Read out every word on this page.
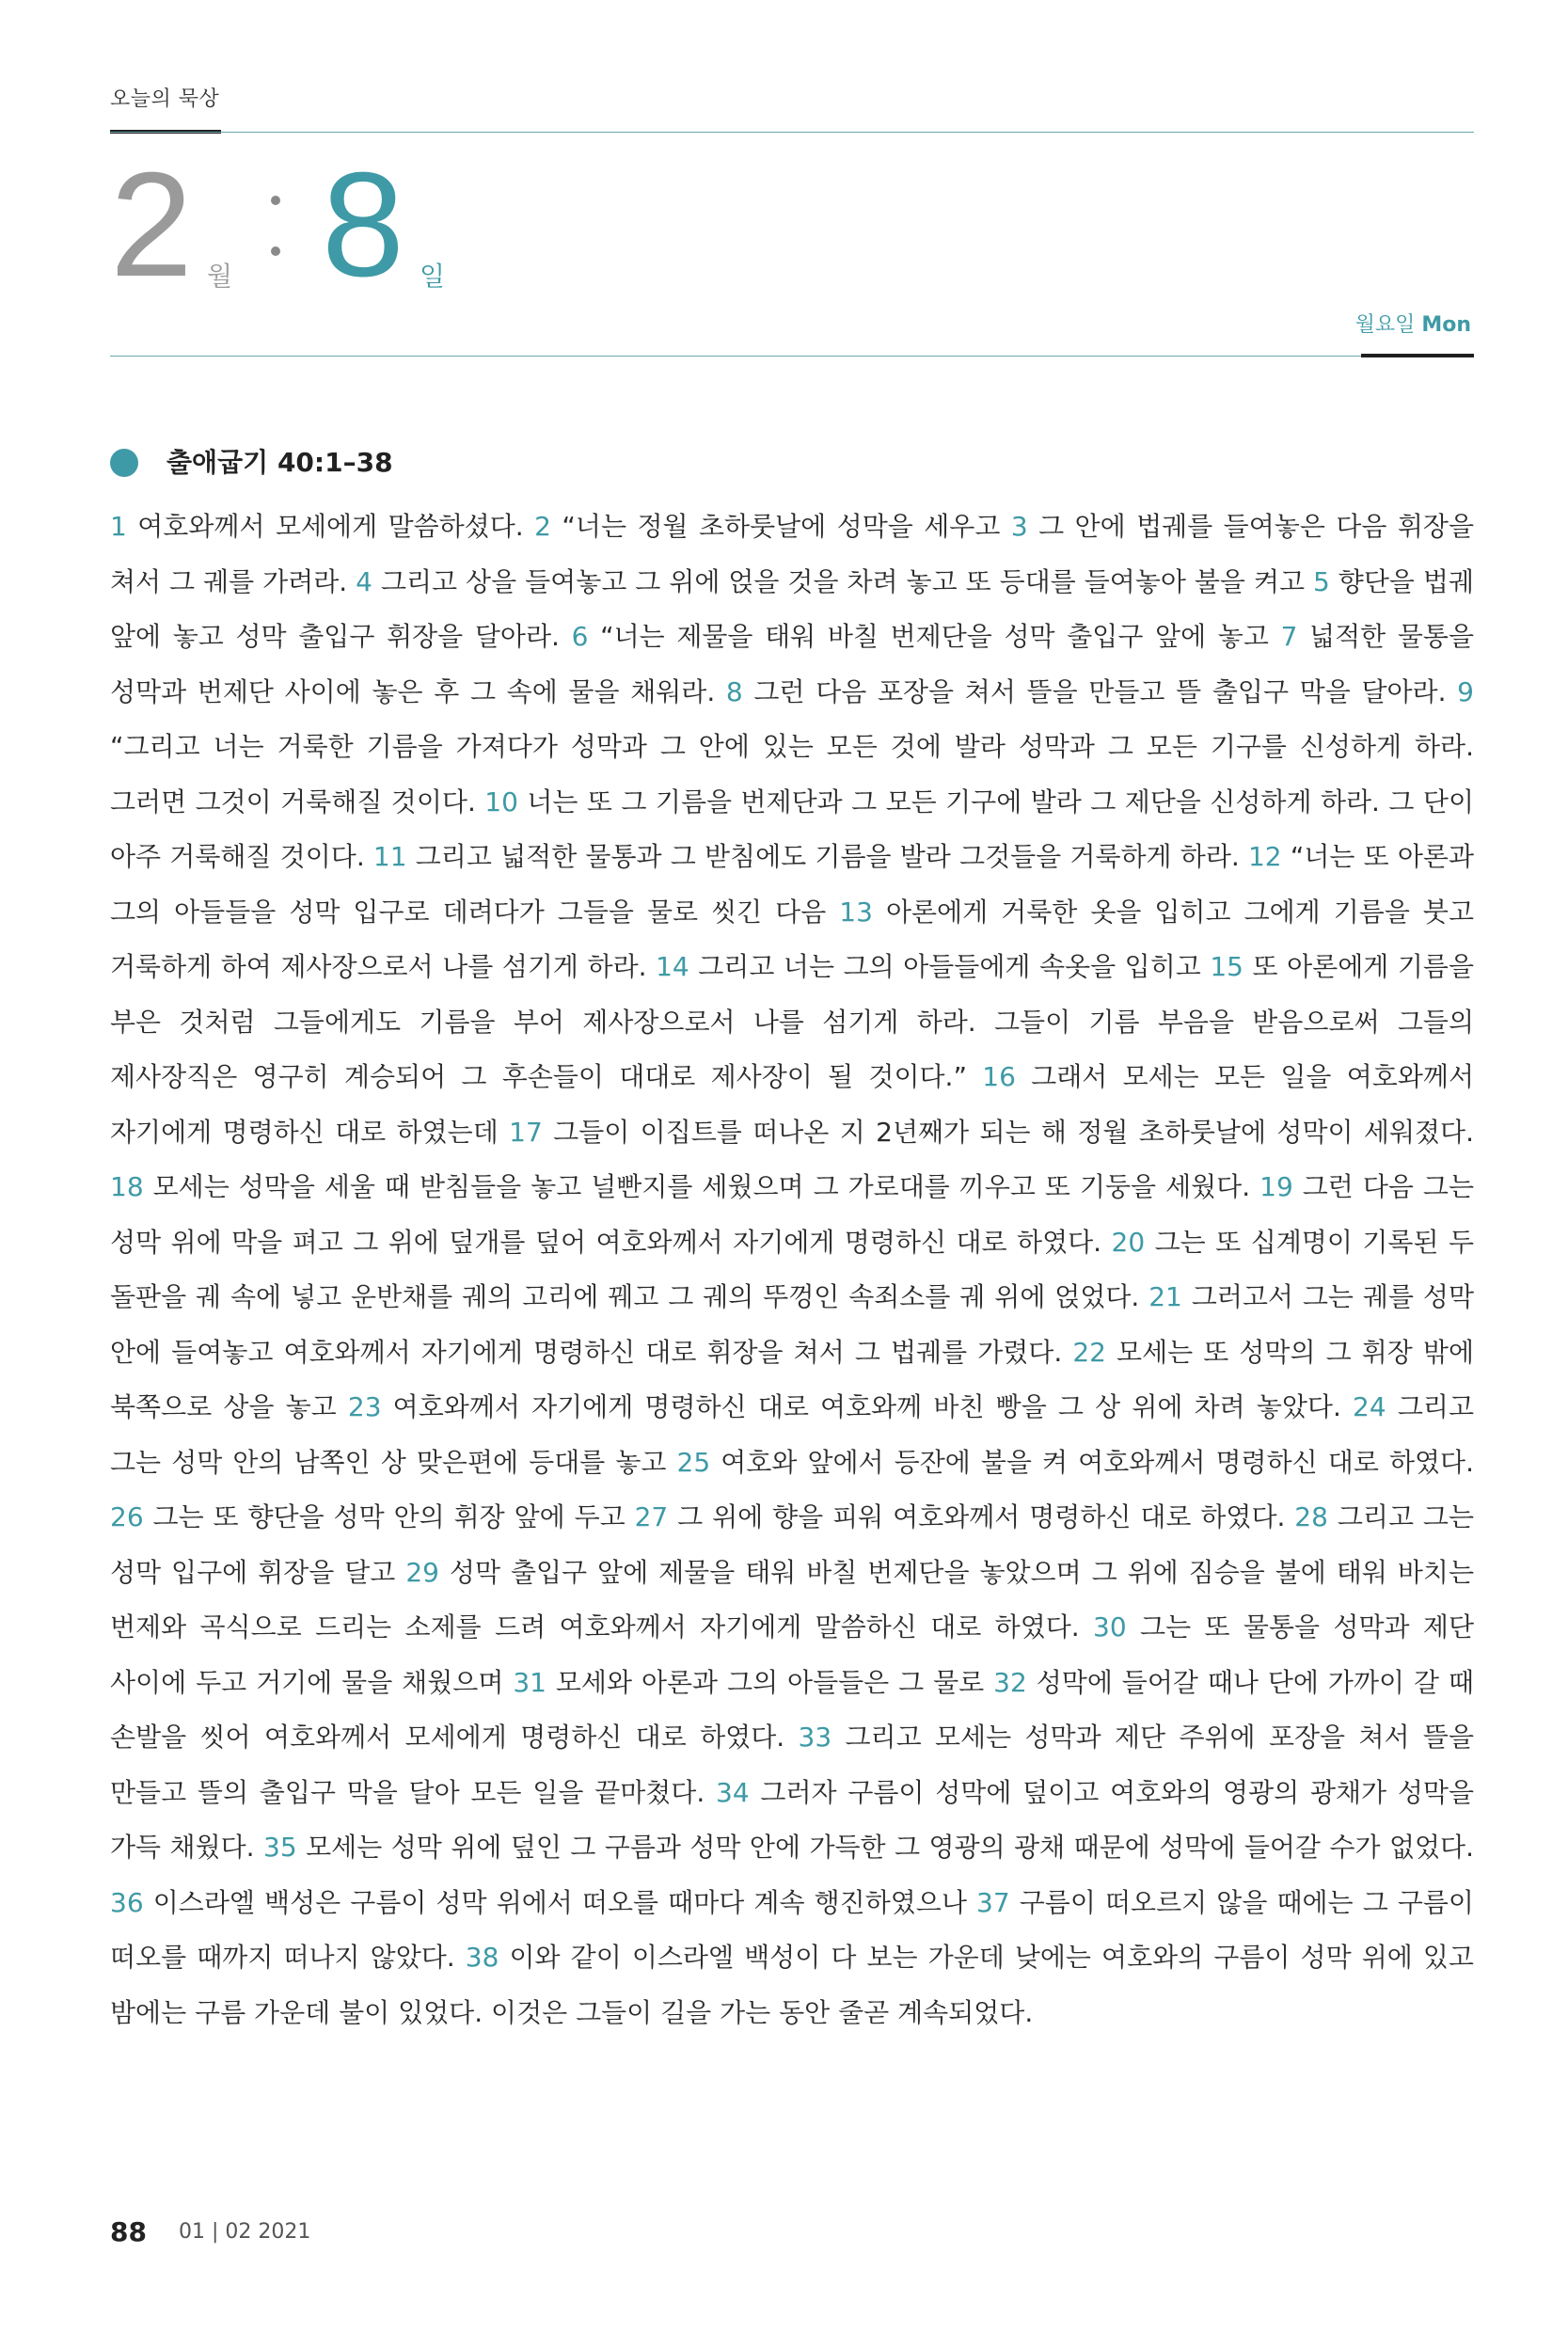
오늘의 묵상
2 월 8 일
월요일 Mon
출애굽기 40:1–38
1 여호와께서 모세에게 말씀하셨다. 2 “너는 정월 초하룻날에 성막을 세우고 3 그 안에 법궤를 들여놓은 다음 휘장을 쳐서 그 궤를 가려라. 4 그리고 상을 들여놓고 그 위에 얹을 것을 차려 놓고 또 등대를 들여놓아 불을 켜고 5 향단을 법궤 앞에 놓고 성막 출입구 휘장을 달아라. 6 “너는 제물을 태워 바칠 번제단을 성막 출입구 앞에 놓고 7 넓적한 물통을 성막과 번제단 사이에 놓은 후 그 속에 물을 채워라. 8 그런 다음 포장을 쳐서 뜰을 만들고 뜰 출입구 막을 달아라. 9 “그리고 너는 거룩한 기름을 가져다가 성막과 그 안에 있는 모든 것에 발라 성막과 그 모든 기구를 신성하게 하라. 그러면 그것이 거룩해질 것이다. 10 너는 또 그 기름을 번제단과 그 모든 기구에 발라 그 제단을 신성하게 하라. 그 단이 아주 거룩해질 것이다. 11 그리고 넓적한 물통과 그 받침에도 기름을 발라 그것들을 거룩하게 하라. 12 “너는 또 아론과 그의 아들들을 성막 입구로 데려다가 그들을 물로 씻긴 다음 13 아론에게 거룩한 옷을 입히고 그에게 기름을 붓고 거룩하게 하여 제사장으로서 나를 섬기게 하라. 14 그리고 너는 그의 아들들에게 속옷을 입히고 15 또 아론에게 기름을 부은 것처럼 그들에게도 기름을 부어 제사장으로서 나를 섬기게 하라. 그들이 기름 부음을 받음으로써 그들의 제사장직은 영구히 계승되어 그 후손들이 대대로 제사장이 될 것이다.” 16 그래서 모세는 모든 일을 여호와께서 자기에게 명령하신 대로 하였는데 17 그들이 이집트를 떠나온 지 2년째가 되는 해 정월 초하룻날에 성막이 세워졌다. 18 모세는 성막을 세울 때 받침들을 놓고 널빤지를 세웠으며 그 가로대를 끼우고 또 기둥을 세웠다. 19 그런 다음 그는 성막 위에 막을 펴고 그 위에 덮개를 덮어 여호와께서 자기에게 명령하신 대로 하였다. 20 그는 또 십계명이 기록된 두 돌판을 궤 속에 넣고 운반채를 궤의 고리에 꿰고 그 궤의 뚜껑인 속죄소를 궤 위에 얹었다. 21 그러고서 그는 궤를 성막 안에 들여놓고 여호와께서 자기에게 명령하신 대로 휘장을 쳐서 그 법궤를 가렸다. 22 모세는 또 성막의 그 휘장 밖에 북쪽으로 상을 놓고 23 여호와께서 자기에게 명령하신 대로 여호와께 바친 빵을 그 상 위에 차려 놓았다. 24 그리고 그는 성막 안의 남쪽인 상 맞은편에 등대를 놓고 25 여호와 앞에서 등잔에 불을 켜 여호와께서 명령하신 대로 하였다. 26 그는 또 향단을 성막 안의 휘장 앞에 두고 27 그 위에 향을 피워 여호와께서 명령하신 대로 하였다. 28 그리고 그는 성막 입구에 휘장을 달고 29 성막 출입구 앞에 제물을 태워 바칠 번제단을 놓았으며 그 위에 짐승을 불에 태워 바치는 번제와 곡식으로 드리는 소제를 드려 여호와께서 자기에게 말씀하신 대로 하였다. 30 그는 또 물통을 성막과 제단 사이에 두고 거기에 물을 채웠으며 31 모세와 아론과 그의 아들들은 그 물로 32 성막에 들어갈 때나 단에 가까이 갈 때 손발을 씻어 여호와께서 모세에게 명령하신 대로 하였다. 33 그리고 모세는 성막과 제단 주위에 포장을 쳐서 뜰을 만들고 뜰의 출입구 막을 달아 모든 일을 끝마쳤다. 34 그러자 구름이 성막에 덮이고 여호와의 영광의 광채가 성막을 가득 채웠다. 35 모세는 성막 위에 덮인 그 구름과 성막 안에 가득한 그 영광의 광채 때문에 성막에 들어갈 수가 없었다. 36 이스라엘 백성은 구름이 성막 위에서 떠오를 때마다 계속 행진하였으나 37 구름이 떠오르지 않을 때에는 그 구름이 떠오를 때까지 떠나지 않았다. 38 이와 같이 이스라엘 백성이 다 보는 가운데 낮에는 여호와의 구름이 성막 위에 있고 밤에는 구름 가운데 불이 있었다. 이것은 그들이 길을 가는 동안 줄곧 계속되었다.
88 01 | 02 2021
